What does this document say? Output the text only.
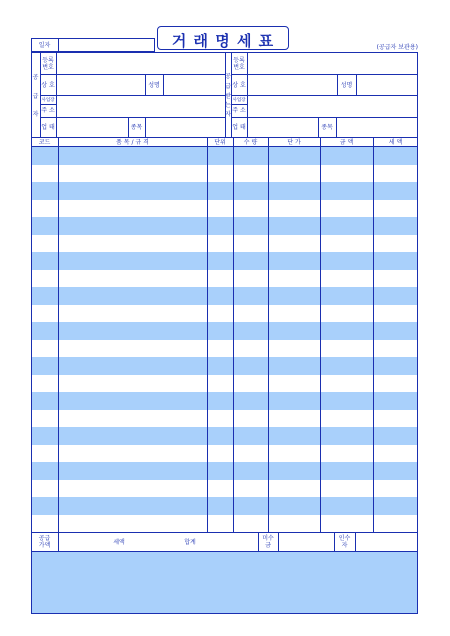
일자	거 래 명 세 표	(공급자 보관용)
공
급
자
등록
번호
상 호	성명
사업장
주 소
업 태	종목
공
급
받
는
자
등록
번호
상 호	성명
사업장
주 소
업 태	종목
코드	품 목 / 규 격	단위	수 량	단 가	금 액	세 액
공급
가액	세액	합계
미수
금
인수
자
